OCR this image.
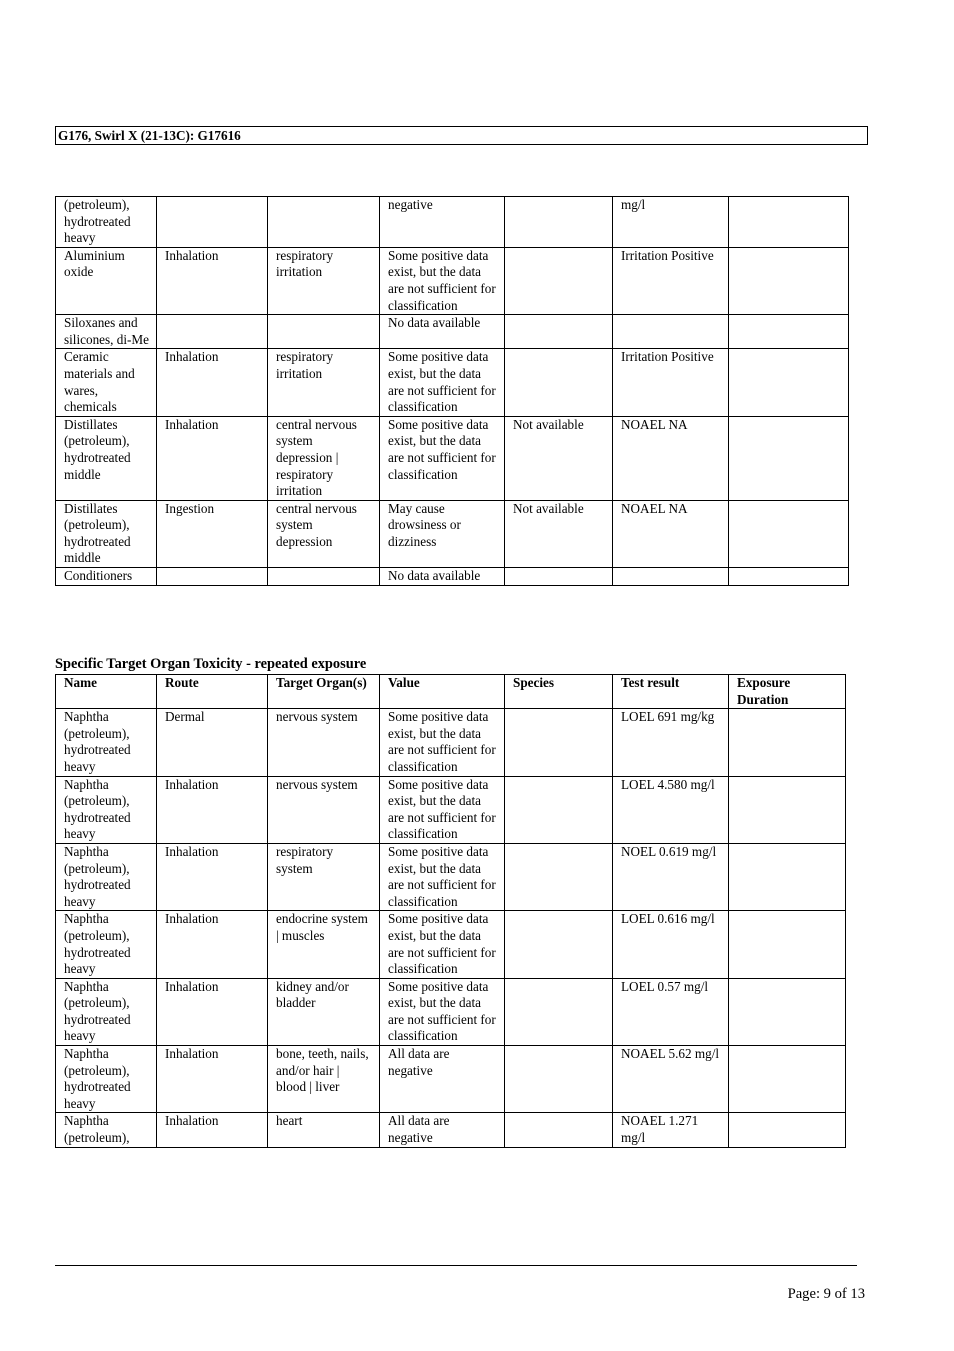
G176, Swirl X (21-13C): G17616
(petroleum), hydrotreated heavy			negative		mg/l	
Aluminium oxide	Inhalation	respiratory irritation	Some positive data exist, but the data are not sufficient for classification		Irritation Positive	
Siloxanes and silicones, di-Me			No data available			
Ceramic materials and wares, chemicals	Inhalation	respiratory irritation	Some positive data exist, but the data are not sufficient for classification		Irritation Positive	
Distillates (petroleum), hydrotreated middle	Inhalation	central nervous system depression | respiratory irritation	Some positive data exist, but the data are not sufficient for classification	Not available	NOAEL NA	
Distillates (petroleum), hydrotreated middle	Ingestion	central nervous system depression	May cause drowsiness or dizziness	Not available	NOAEL NA	
Conditioners			No data available			
Specific Target Organ Toxicity - repeated exposure
Name	Route	Target Organ(s)	Value	Species	Test result	Exposure Duration
Naphtha (petroleum), hydrotreated heavy	Dermal	nervous system	Some positive data exist, but the data are not sufficient for classification		LOEL 691 mg/kg	
Naphtha (petroleum), hydrotreated heavy	Inhalation	nervous system	Some positive data exist, but the data are not sufficient for classification		LOEL 4.580 mg/l	
Naphtha (petroleum), hydrotreated heavy	Inhalation	respiratory system	Some positive data exist, but the data are not sufficient for classification		NOEL 0.619 mg/l	
Naphtha (petroleum), hydrotreated heavy	Inhalation	endocrine system | muscles	Some positive data exist, but the data are not sufficient for classification		LOEL 0.616 mg/l	
Naphtha (petroleum), hydrotreated heavy	Inhalation	kidney and/or bladder	Some positive data exist, but the data are not sufficient for classification		LOEL 0.57 mg/l	
Naphtha (petroleum), hydrotreated heavy	Inhalation	bone, teeth, nails, and/or hair | blood | liver	All data are negative		NOAEL 5.62 mg/l	
Naphtha (petroleum),	Inhalation	heart	All data are negative		NOAEL 1.271 mg/l	
Page: 9 of 13
